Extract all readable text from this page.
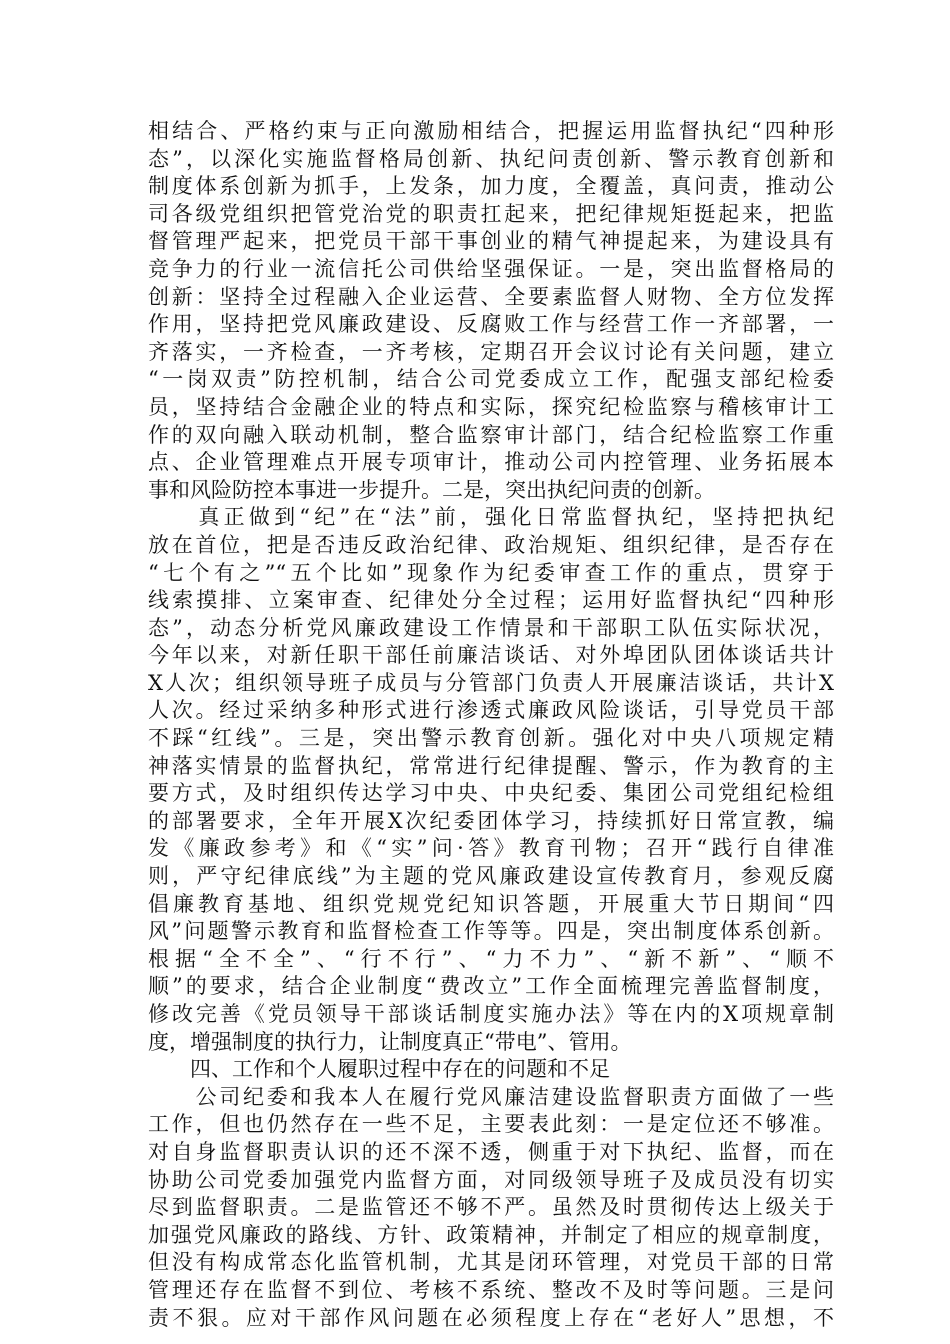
相结合、严格约束与正向激励相结合，把握运用监督执纪“四种形
态”，以深化实施监督格局创新、执纪问责创新、警示教育创新和
制度体系创新为抓手，上发条，加力度，全覆盖，真问责，推动公
司各级党组织把管党治党的职责扛起来，把纪律规矩挺起来，把监
督管理严起来，把党员干部干事创业的精气神提起来，为建设具有
竞争力的行业一流信托公司供给坚强保证。一是，突出监督格局的
创新：坚持全过程融入企业运营、全要素监督人财物、全方位发挥
作用，坚持把党风廉政建设、反腐败工作与经营工作一齐部署，一
齐落实，一齐检查，一齐考核，定期召开会议讨论有关问题，建立
“一岗双责”防控机制，结合公司党委成立工作，配强支部纪检委
员，坚持结合金融企业的特点和实际，探究纪检监察与稽核审计工
作的双向融入联动机制，整合监察审计部门，结合纪检监察工作重
点、企业管理难点开展专项审计，推动公司内控管理、业务拓展本
事和风险防控本事进一步提升。二是，突出执纪问责的创新。
　　真正做到“纪”在“法”前，强化日常监督执纪，坚持把执纪
放在首位，把是否违反政治纪律、政治规矩、组织纪律，是否存在
“七个有之”“五个比如”现象作为纪委审查工作的重点，贯穿于
线索摸排、立案审查、纪律处分全过程；运用好监督执纪“四种形
态”，动态分析党风廉政建设工作情景和干部职工队伍实际状况，
今年以来，对新任职干部任前廉洁谈话、对外埠团队团体谈话共计
X人次；组织领导班子成员与分管部门负责人开展廉洁谈话，共计X
人次。经过采纳多种形式进行渗透式廉政风险谈话，引导党员干部
不踩“红线”。三是，突出警示教育创新。强化对中央八项规定精
神落实情景的监督执纪，常常进行纪律提醒、警示，作为教育的主
要方式，及时组织传达学习中央、中央纪委、集团公司党组纪检组
的部署要求，全年开展X次纪委团体学习，持续抓好日常宣教，编
发《廉政参考》和《“实”问·答》教育刊物；召开“践行自律准
则，严守纪律底线”为主题的党风廉政建设宣传教育月，参观反腐
倡廉教育基地、组织党规党纪知识答题，开展重大节日期间“四
风”问题警示教育和监督检查工作等等。四是，突出制度体系创新。
根据“全不全”、“行不行”、“力不力”、“新不新”、“顺不
顺”的要求，结合企业制度“费改立”工作全面梳理完善监督制度，
修改完善《党员领导干部谈话制度实施办法》等在内的X项规章制
度，增强制度的执行力，让制度真正“带电”、管用。
　　四、工作和个人履职过程中存在的问题和不足
　　公司纪委和我本人在履行党风廉洁建设监督职责方面做了一些
工作，但也仍然存在一些不足，主要表此刻：一是定位还不够准。
对自身监督职责认识的还不深不透，侧重于对下执纪、监督，而在
协助公司党委加强党内监督方面，对同级领导班子及成员没有切实
尽到监督职责。二是监管还不够不严。虽然及时贯彻传达上级关于
加强党风廉政的路线、方针、政策精神，并制定了相应的规章制度，
但没有构成常态化监管机制，尤其是闭环管理，对党员干部的日常
管理还存在监督不到位、考核不系统、整改不及时等问题。三是问
责不狠。应对干部作风问题在必须程度上存在“老好人”思想，不
